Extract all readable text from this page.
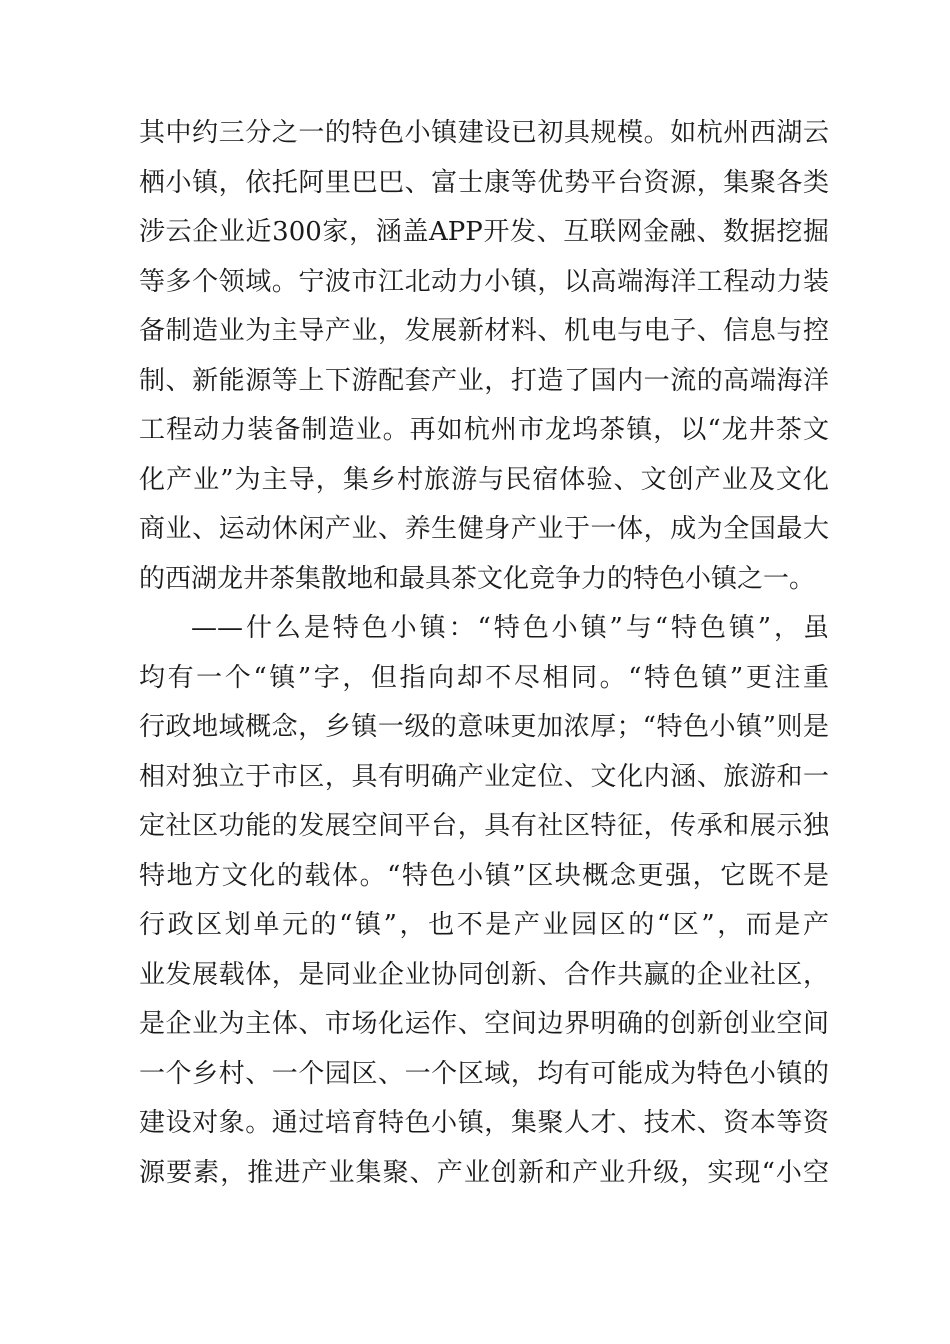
其中约三分之一的特色小镇建设已初具规模。如杭州西湖云
栖小镇，依托阿里巴巴、富士康等优势平台资源，集聚各类
涉云企业近300家，涵盖APP开发、互联网金融、数据挖掘
等多个领域。宁波市江北动力小镇，以高端海洋工程动力装
备制造业为主导产业，发展新材料、机电与电子、信息与控
制、新能源等上下游配套产业，打造了国内一流的高端海洋
工程动力装备制造业。再如杭州市龙坞茶镇，以“龙井茶文
化产业”为主导，集乡村旅游与民宿体验、文创产业及文化
商业、运动休闲产业、养生健身产业于一体，成为全国最大
的西湖龙井茶集散地和最具茶文化竞争力的特色小镇之一。
——什么是特色小镇：“特色小镇”与“特色镇”，虽
均有一个“镇”字，但指向却不尽相同。“特色镇”更注重
行政地域概念，乡镇一级的意味更加浓厚；“特色小镇”则是
相对独立于市区，具有明确产业定位、文化内涵、旅游和一
定社区功能的发展空间平台，具有社区特征，传承和展示独
特地方文化的载体。“特色小镇”区块概念更强，它既不是
行政区划单元的“镇”，也不是产业园区的“区”，而是产
业发展载体，是同业企业协同创新、合作共赢的企业社区，
是企业为主体、市场化运作、空间边界明确的创新创业空间
一个乡村、一个园区、一个区域，均有可能成为特色小镇的
建设对象。通过培育特色小镇，集聚人才、技术、资本等资
源要素，推进产业集聚、产业创新和产业升级，实现“小空
